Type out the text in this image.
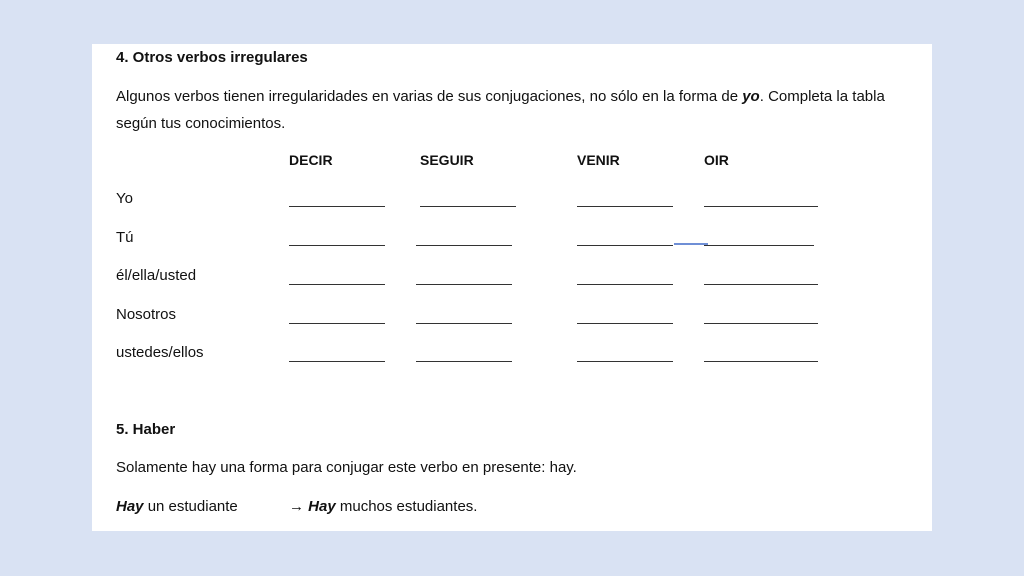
4. Otros verbos irregulares
Algunos verbos tienen irregularidades en varias de sus conjugaciones, no sólo en la forma de yo. Completa la tabla según tus conocimientos.
DECIR	SEGUIR	VENIR	OIR
Yo
Tú
él/ella/usted
Nosotros
ustedes/ellos
5. Haber
Solamente hay una forma para conjugar este verbo en presente: hay.
Hay un estudiante	→ Hay muchos estudiantes.
